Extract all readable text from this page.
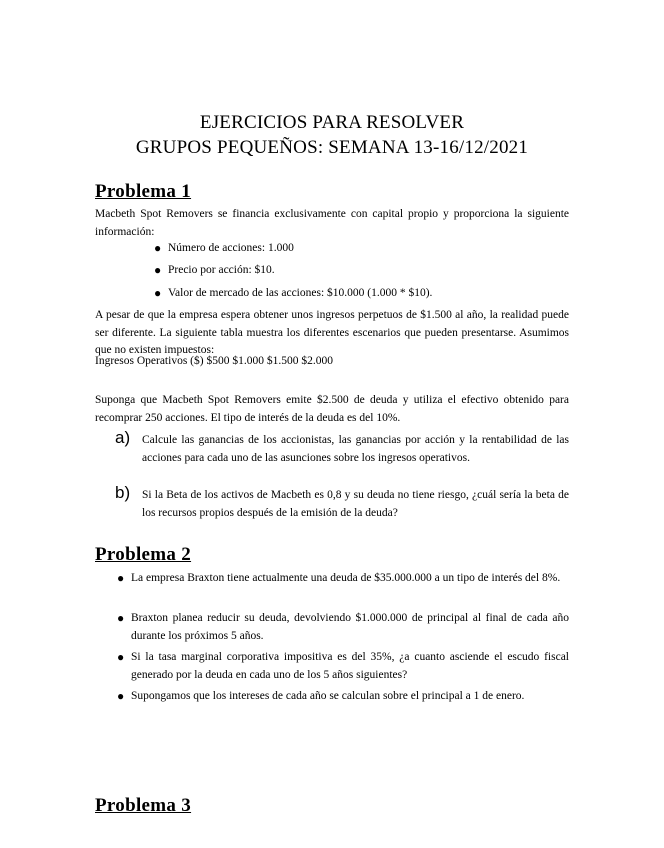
EJERCICIOS PARA RESOLVER
GRUPOS PEQUEÑOS: SEMANA 13-16/12/2021
Problema 1
Macbeth Spot Removers se financia exclusivamente con capital propio y proporciona la siguiente información:
● Número de acciones: 1.000
● Precio por acción: $10.
● Valor de mercado de las acciones: $10.000 (1.000 * $10).
A pesar de que la empresa espera obtener unos ingresos perpetuos de $1.500 al año, la realidad puede ser diferente. La siguiente tabla muestra los diferentes escenarios que pueden presentarse. Asumimos que no existen impuestos:
Ingresos Operativos ($) $500 $1.000 $1.500 $2.000
Suponga que Macbeth Spot Removers emite $2.500 de deuda y utiliza el efectivo obtenido para recomprar 250 acciones. El tipo de interés de la deuda es del 10%.
a) Calcule las ganancias de los accionistas, las ganancias por acción y la rentabilidad de las acciones para cada uno de las asunciones sobre los ingresos operativos.
b) Si la Beta de los activos de Macbeth es 0,8 y su deuda no tiene riesgo, ¿cuál sería la beta de los recursos propios después de la emisión de la deuda?
Problema 2
● La empresa Braxton tiene actualmente una deuda de $35.000.000 a un tipo de interés del 8%.
● Braxton planea reducir su deuda, devolviendo $1.000.000 de principal al final de cada año durante los próximos 5 años.
● Si la tasa marginal corporativa impositiva es del 35%, ¿a cuanto asciende el escudo fiscal generado por la deuda en cada uno de los 5 años siguientes?
● Supongamos que los intereses de cada año se calculan sobre el principal a 1 de enero.
Problema 3
